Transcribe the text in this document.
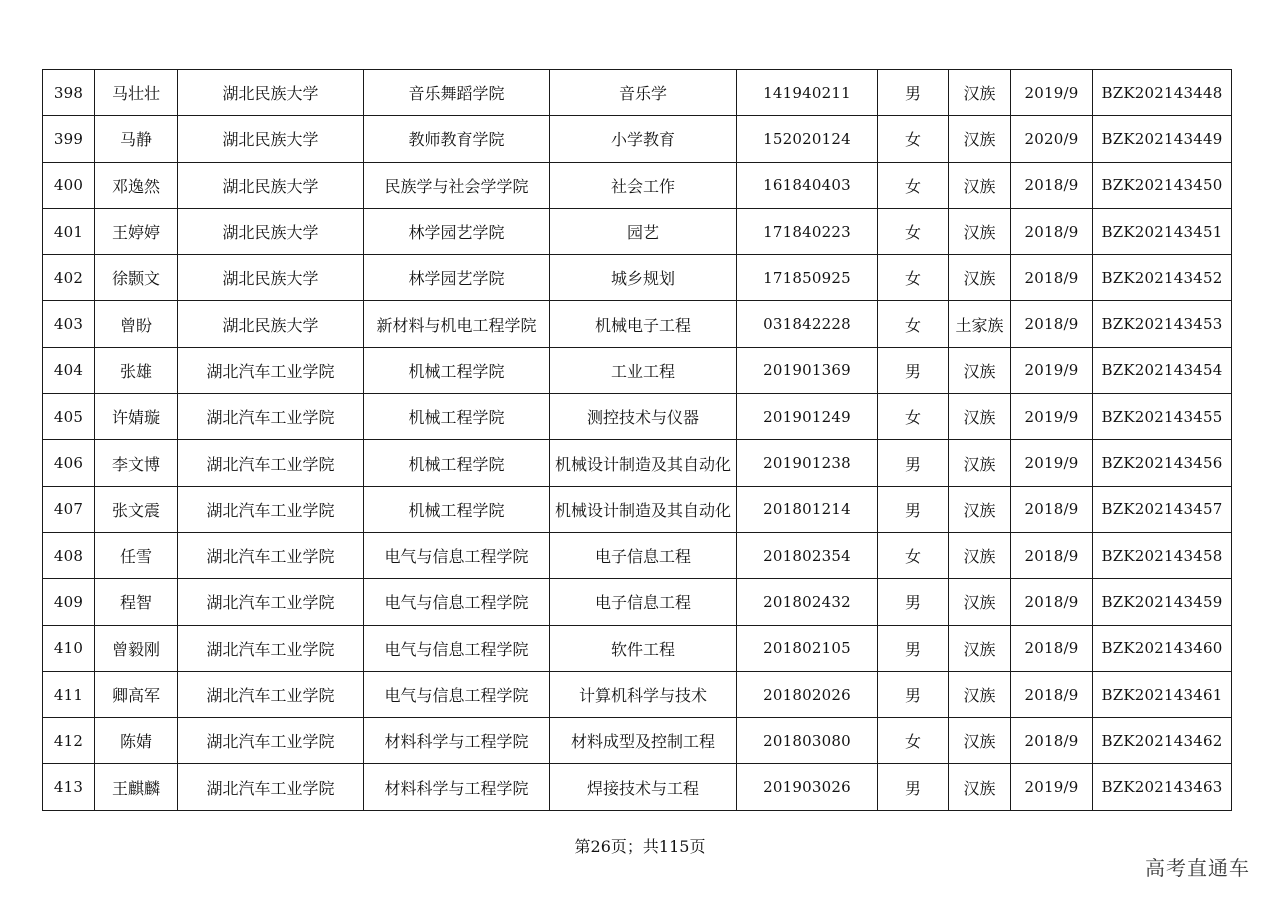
398	马壮壮	湖北民族大学	音乐舞蹈学院	音乐学	141940211	男	汉族	2019/9	BZK202143448
399	马静	湖北民族大学	教师教育学院	小学教育	152020124	女	汉族	2020/9	BZK202143449
400	邓逸然	湖北民族大学	民族学与社会学学院	社会工作	161840403	女	汉族	2018/9	BZK202143450
401	王婷婷	湖北民族大学	林学园艺学院	园艺	171840223	女	汉族	2018/9	BZK202143451
402	徐颢文	湖北民族大学	林学园艺学院	城乡规划	171850925	女	汉族	2018/9	BZK202143452
403	曾盼	湖北民族大学	新材料与机电工程学院	机械电子工程	031842228	女	土家族	2018/9	BZK202143453
404	张雄	湖北汽车工业学院	机械工程学院	工业工程	201901369	男	汉族	2019/9	BZK202143454
405	许婧璇	湖北汽车工业学院	机械工程学院	测控技术与仪器	201901249	女	汉族	2019/9	BZK202143455
406	李文博	湖北汽车工业学院	机械工程学院	机械设计制造及其自动化	201901238	男	汉族	2019/9	BZK202143456
407	张文震	湖北汽车工业学院	机械工程学院	机械设计制造及其自动化	201801214	男	汉族	2018/9	BZK202143457
408	任雪	湖北汽车工业学院	电气与信息工程学院	电子信息工程	201802354	女	汉族	2018/9	BZK202143458
409	程智	湖北汽车工业学院	电气与信息工程学院	电子信息工程	201802432	男	汉族	2018/9	BZK202143459
410	曾毅刚	湖北汽车工业学院	电气与信息工程学院	软件工程	201802105	男	汉族	2018/9	BZK202143460
411	卿高军	湖北汽车工业学院	电气与信息工程学院	计算机科学与技术	201802026	男	汉族	2018/9	BZK202143461
412	陈婧	湖北汽车工业学院	材料科学与工程学院	材料成型及控制工程	201803080	女	汉族	2018/9	BZK202143462
413	王麒麟	湖北汽车工业学院	材料科学与工程学院	焊接技术与工程	201903026	男	汉族	2019/9	BZK202143463
第26页；共115页
高考直通车
